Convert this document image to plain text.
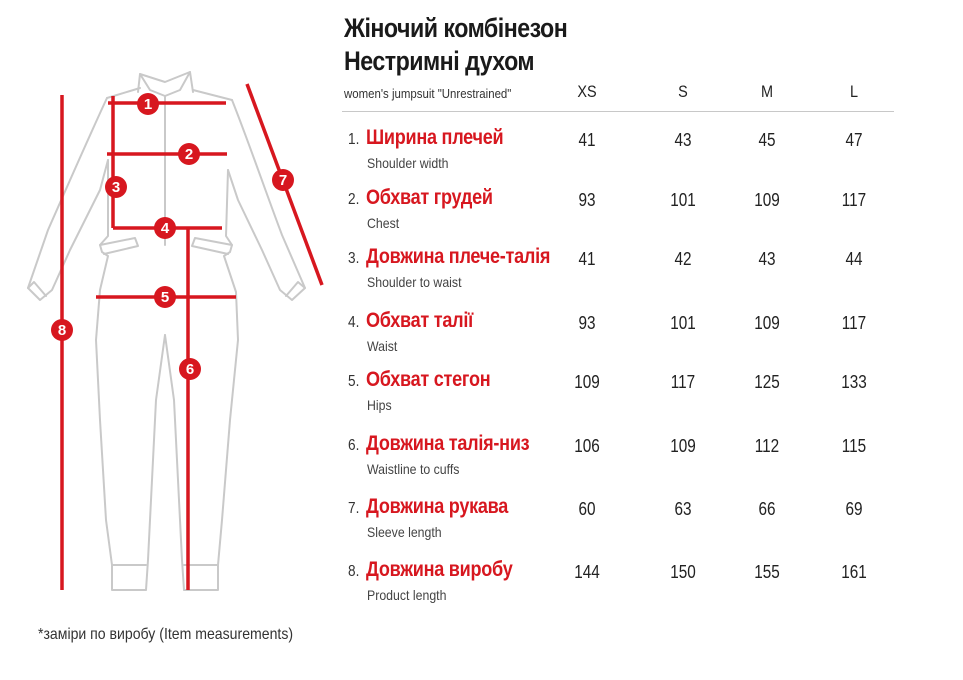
1
2
3
4
5
6
7
8
Жіночий комбінезон
Нестримні духом
women's jumpsuit "Unrestrained"	XS	S	M	L
1. Ширина плечей
Shoulder width
41	43	45	47
2. Обхват грудей
Chest
93	101	109	117
3. Довжина плече-талія
Shoulder to waist
41	42	43	44
4. Обхват талії
Waist
93	101	109	117
5. Обхват стегон
Hips
109	117	125	133
6. Довжина талія-низ
Waistline to cuffs
106	109	112	115
7. Довжина рукава
Sleeve length
60	63	66	69
8. Довжина виробу
Product length
144	150	155	161
*заміри по виробу (Item measurements)
